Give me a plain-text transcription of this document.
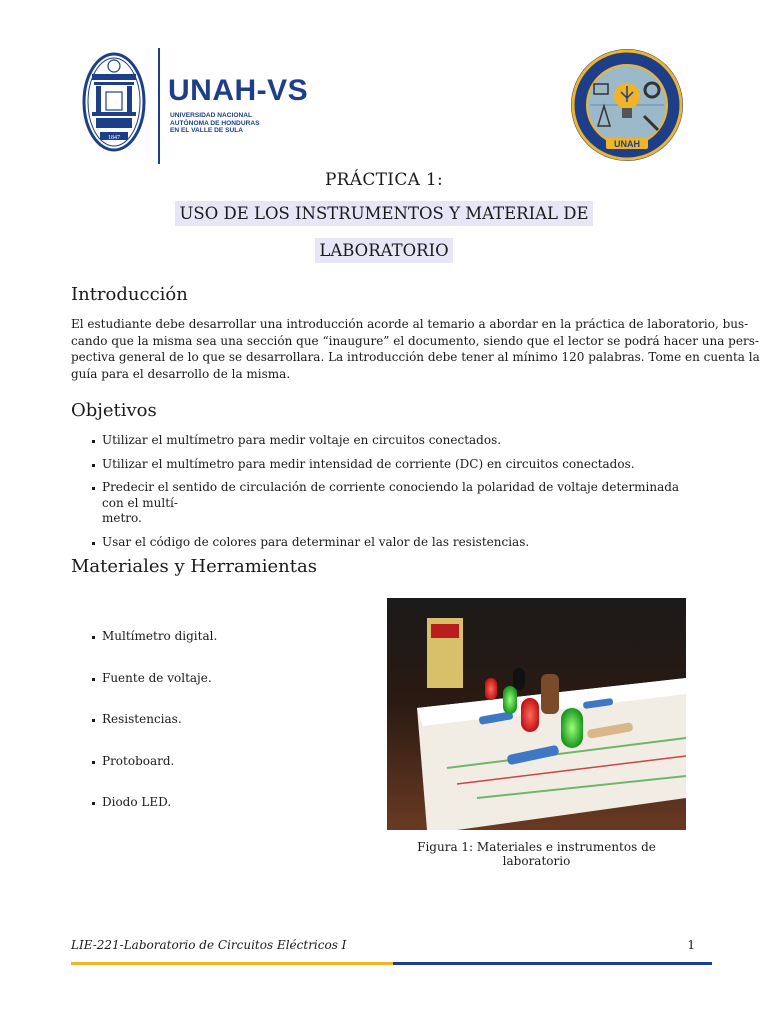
1847
UNAH-VS
UNIVERSIDAD NACIONAL
AUTÓNOMA DE HONDURAS
EN EL VALLE DE SULA
UNAH
PRÁCTICA 1:
USO DE LOS INSTRUMENTOS Y MATERIAL DE
LABORATORIO
Introducción
El estudiante debe desarrollar una introducción acorde al temario a abordar en la práctica de laboratorio, bus-
cando que la misma sea una sección que “inaugure” el documento, siendo que el lector se podrá hacer una pers-
pectiva general de lo que se desarrollara. La introducción debe tener al mínimo 120 palabras. Tome en cuenta la
guía para el desarrollo de la misma.
Objetivos
Utilizar el multímetro para medir voltaje en circuitos conectados.
Utilizar el multímetro para medir intensidad de corriente (DC) en circuitos conectados.
Predecir el sentido de circulación de corriente conociendo la polaridad de voltaje determinada con el multí-
metro.
Usar el código de colores para determinar el valor de las resistencias.
Materiales y Herramientas
Multímetro digital.
Fuente de voltaje.
Resistencias.
Protoboard.
Diodo LED.
Figura 1: Materiales e instrumentos de laboratorio
LIE-221-Laboratorio de Circuitos Eléctricos I	1
